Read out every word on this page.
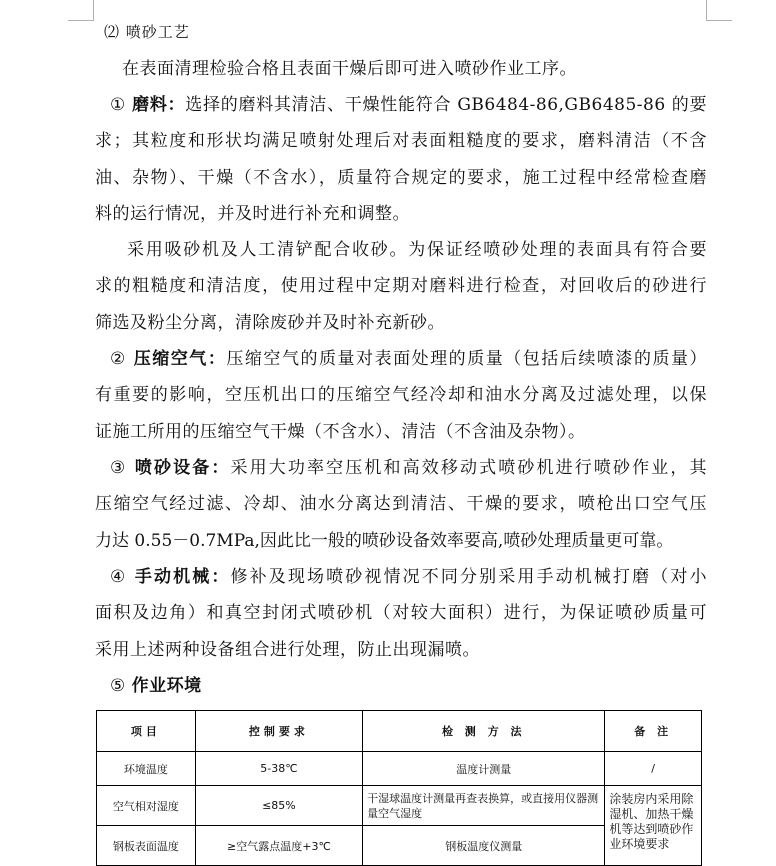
⑵ 喷砂工艺
在表面清理检验合格且表面干燥后即可进入喷砂作业工序。
① 磨料：选择的磨料其清洁、干燥性能符合 GB6484-86,GB6485-86 的要
求；其粒度和形状均满足喷射处理后对表面粗糙度的要求，磨料清洁（不含
油、杂物）、干燥（不含水），质量符合规定的要求，施工过程中经常检查磨
料的运行情况，并及时进行补充和调整。
采用吸砂机及人工清铲配合收砂。为保证经喷砂处理的表面具有符合要
求的粗糙度和清洁度，使用过程中定期对磨料进行检查，对回收后的砂进行
筛选及粉尘分离，清除废砂并及时补充新砂。
② 压缩空气：压缩空气的质量对表面处理的质量（包括后续喷漆的质量）
有重要的影响，空压机出口的压缩空气经冷却和油水分离及过滤处理，以保
证施工所用的压缩空气干燥（不含水）、清洁（不含油及杂物）。
③ 喷砂设备：采用大功率空压机和高效移动式喷砂机进行喷砂作业，其
压缩空气经过滤、冷却、油水分离达到清洁、干燥的要求，喷枪出口空气压
力达 0.55－0.7MPa,因此比一般的喷砂设备效率要高,喷砂处理质量更可靠。
④ 手动机械：修补及现场喷砂视情况不同分别采用手动机械打磨（对小
面积及边角）和真空封闭式喷砂机（对较大面积）进行，为保证喷砂质量可
采用上述两种设备组合进行处理，防止出现漏喷。
⑤ 作业环境
项目	控制要求	检 测 方 法	备 注
环境温度	5-38℃	温度计测量	/
空气相对湿度	≤85%	干湿球温度计测量再查表换算，或直接用仪器测量空气湿度	涂装房内采用除湿机、加热干燥机等达到喷砂作业环境要求
钢板表面温度	≥空气露点温度+3℃	钢板温度仪测量	
